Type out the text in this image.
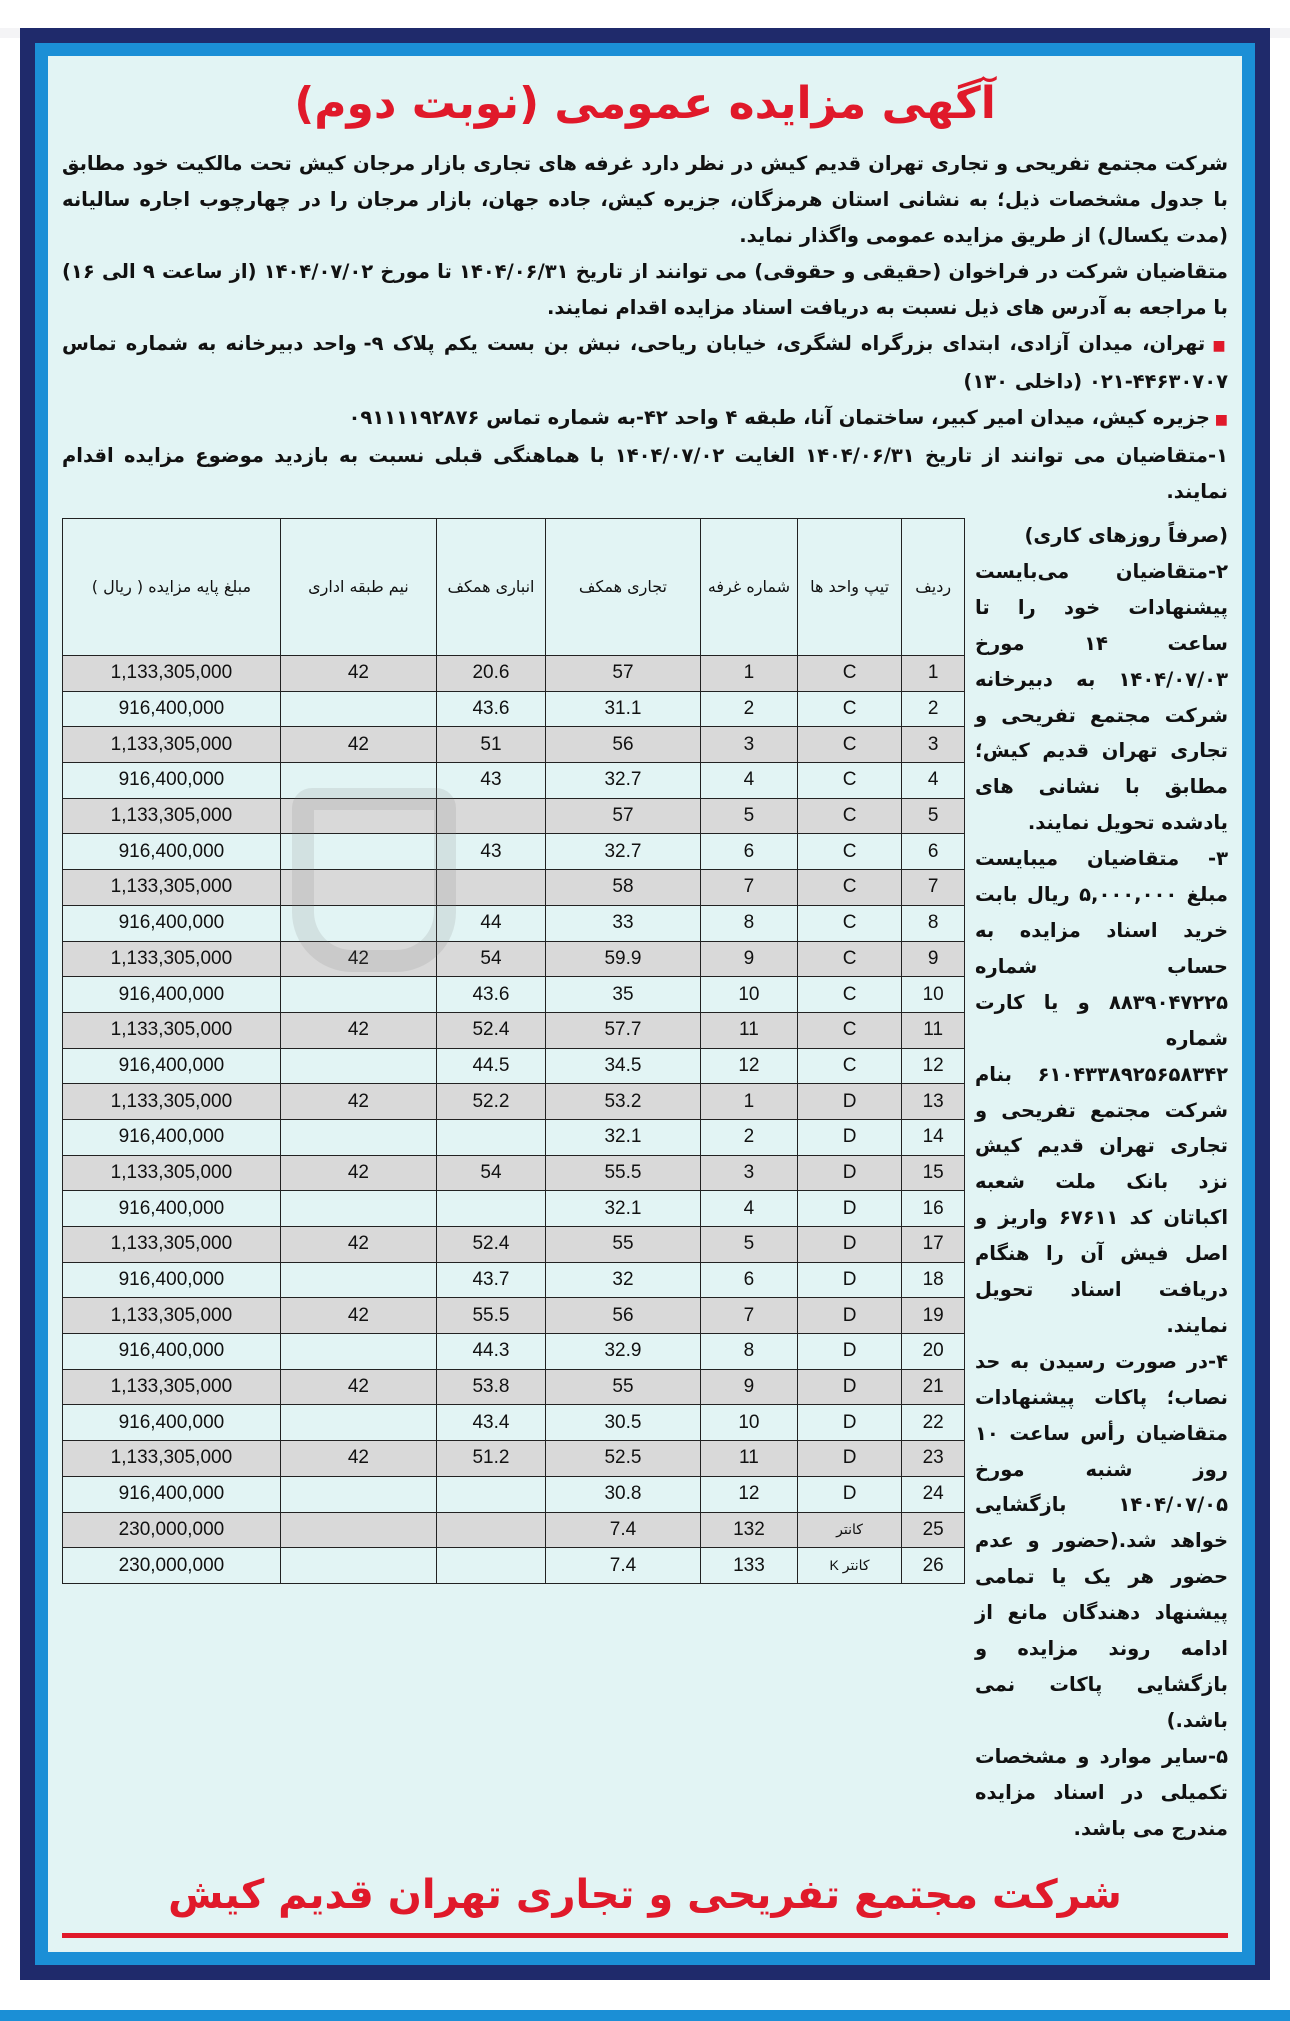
آگهی مزایده عمومی (نوبت دوم)

شرکت مجتمع تفریحی و تجاری تهران قدیم کیش در نظر دارد غرفه های تجاری بازار مرجان کیش تحت مالکیت خود مطابق با جدول مشخصات ذیل؛ به نشانی استان هرمزگان، جزیره کیش، جاده جهان، بازار مرجان را در چهارچوب اجاره سالیانه (مدت یکسال) از طریق مزایده عمومی واگذار نماید.

متقاضیان شرکت در فراخوان (حقیقی و حقوقی) می توانند از تاریخ ۱۴۰۴/۰۶/۳۱ تا مورخ ۱۴۰۴/۰۷/۰۲ (از ساعت ۹ الی ۱۶) با مراجعه به آدرس های ذیل نسبت به دریافت اسناد مزایده اقدام نمایند.

■ تهران، میدان آزادی، ابتدای بزرگراه لشگری، خیابان ریاحی، نبش بن بست یکم پلاک ۹- واحد دبیرخانه به شماره تماس ۴۴۶۳۰۷۰۷-۰۲۱ (داخلی ۱۳۰)

■ جزیره کیش، میدان امیر کبیر، ساختمان آنا، طبقه ۴ واحد ۴۲-به شماره تماس ۰۹۱۱۱۱۹۲۸۷۶

۱-متقاضیان می توانند از تاریخ ۱۴۰۴/۰۶/۳۱ الغایت ۱۴۰۴/۰۷/۰۲ با هماهنگی قبلی نسبت به بازدید موضوع مزایده اقدام نمایند.

ردیف	تیپ واحد ها	شماره غرفه	تجاری همکف	انباری همکف	نیم طبقه اداری	مبلغ پایه مزایده ( ریال )
1	C	1	57	20.6	42	1,133,305,000
2	C	2	31.1	43.6		916,400,000
3	C	3	56	51	42	1,133,305,000
4	C	4	32.7	43		916,400,000
5	C	5	57			1,133,305,000
6	C	6	32.7	43		916,400,000
7	C	7	58			1,133,305,000
8	C	8	33	44		916,400,000
9	C	9	59.9	54	42	1,133,305,000
10	C	10	35	43.6		916,400,000
11	C	11	57.7	52.4	42	1,133,305,000
12	C	12	34.5	44.5		916,400,000
13	D	1	53.2	52.2	42	1,133,305,000
14	D	2	32.1			916,400,000
15	D	3	55.5	54	42	1,133,305,000
16	D	4	32.1			916,400,000
17	D	5	55	52.4	42	1,133,305,000
18	D	6	32	43.7		916,400,000
19	D	7	56	55.5	42	1,133,305,000
20	D	8	32.9	44.3		916,400,000
21	D	9	55	53.8	42	1,133,305,000
22	D	10	30.5	43.4		916,400,000
23	D	11	52.5	51.2	42	1,133,305,000
24	D	12	30.8			916,400,000
25	کانتر	132	7.4			230,000,000
26	کانتر K	133	7.4			230,000,000

(صرفاً روزهای کاری)

۲-متقاضیان می‌بایست پیشنهادات خود را تا ساعت ۱۴ مورخ ۱۴۰۴/۰۷/۰۳ به دبیرخانه شرکت مجتمع تفریحی و تجاری تهران قدیم کیش؛ مطابق با نشانی های یادشده تحویل نمایند.

۳- متقاضیان میبایست مبلغ ۵,۰۰۰,۰۰۰ ریال بابت خرید اسناد مزایده به حساب شماره ۸۸۳۹۰۴۷۲۲۵ و یا کارت شماره ۶۱۰۴۳۳۸۹۲۵۶۵۸۳۴۲ بنام شرکت مجتمع تفریحی و تجاری تهران قدیم کیش نزد بانک ملت شعبه اکباتان کد ۶۷۶۱۱ واریز و اصل فیش آن را هنگام دریافت اسناد تحویل نمایند.

۴-در صورت رسیدن به حد نصاب؛ پاکات پیشنهادات متقاضیان رأس ساعت ۱۰ روز شنبه مورخ ۱۴۰۴/۰۷/۰۵ بازگشایی خواهد شد.(حضور و عدم حضور هر یک یا تمامی پیشنهاد دهندگان مانع از ادامه روند مزایده و بازگشایی پاکات نمی باشد.)

۵-سایر موارد و مشخصات تکمیلی در اسناد مزایده مندرج می باشد.

شرکت مجتمع تفریحی و تجاری تهران قدیم کیش
